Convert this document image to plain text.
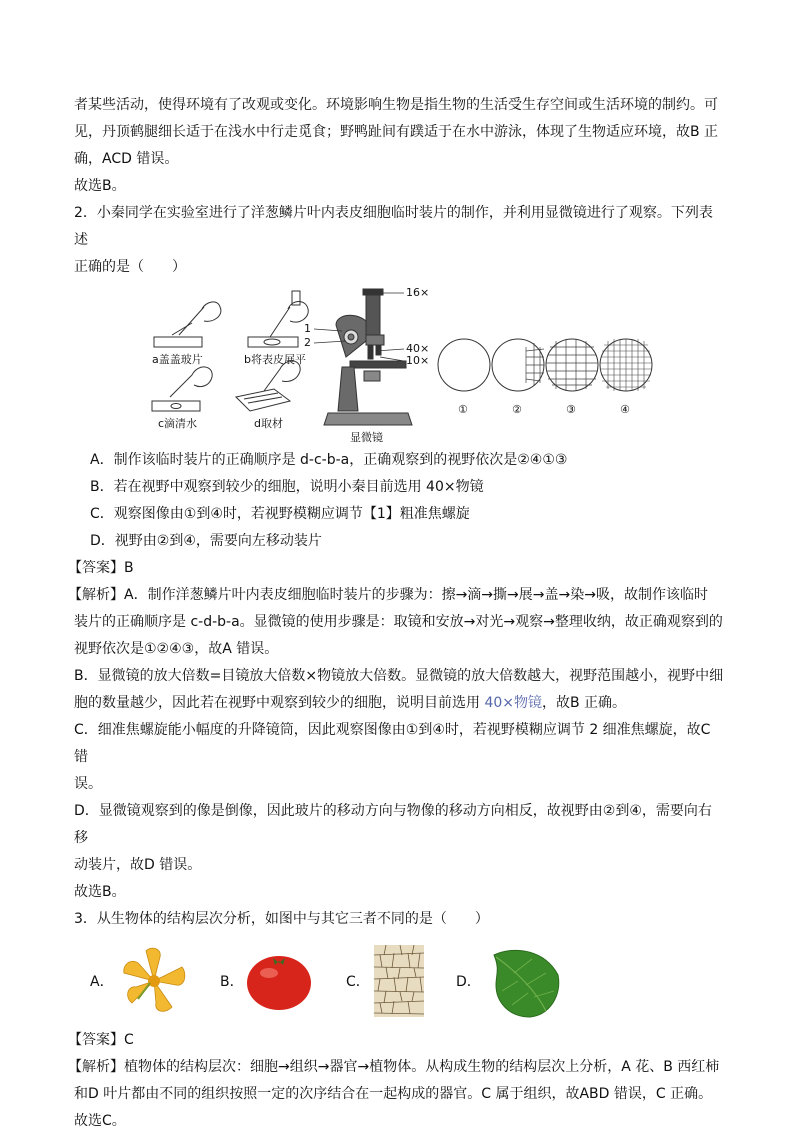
者某些活动，使得环境有了改观或变化。环境影响生物是指生物的生活受生存空间或生活环境的制约。可

见，丹顶鹤腿细长适于在浅水中行走觅食；野鸭趾间有蹼适于在水中游泳，体现了生物适应环境，故B 正

确，ACD 错误。

故选B。

2．小秦同学在实验室进行了洋葱鳞片叶内表皮细胞临时装片的制作，并利用显微镜进行了观察。下列表述

正确的是（　　）

a盖盖玻片	b将表皮展平
c滴清水	d取材
显微镜
16×
1
2	40×
10×
①	②	③	④

A．制作该临时装片的正确顺序是 d-c-b-a，正确观察到的视野依次是②④①③

B．若在视野中观察到较少的细胞，说明小秦目前选用 40×物镜

C．观察图像由①到④时，若视野模糊应调节【1】粗准焦螺旋

D．视野由②到④，需要向左移动装片

【答案】B

【解析】A．制作洋葱鳞片叶内表皮细胞临时装片的步骤为：擦→滴→撕→展→盖→染→吸，故制作该临时

装片的正确顺序是 c-d-b-a。显微镜的使用步骤是：取镜和安放→对光→观察→整理收纳，故正确观察到的

视野依次是①②④③，故A 错误。

B．显微镜的放大倍数=目镜放大倍数×物镜放大倍数。显微镜的放大倍数越大，视野范围越小，视野中细

胞的数量越少，因此若在视野中观察到较少的细胞，说明目前选用 40×物镜，故B 正确。

C．细准焦螺旋能小幅度的升降镜筒，因此观察图像由①到④时，若视野模糊应调节 2 细准焦螺旋，故C 错

误。

D．显微镜观察到的像是倒像，因此玻片的移动方向与物像的移动方向相反，故视野由②到④，需要向右移

动装片，故D 错误。

故选B。

3．从生物体的结构层次分析，如图中与其它三者不同的是（　　）

A．	B．	C．	D．

【答案】C

【解析】植物体的结构层次：细胞→组织→器官→植物体。从构成生物的结构层次上分析，A 花、B 西红柿

和D 叶片都由不同的组织按照一定的次序结合在一起构成的器官。C 属于组织，故ABD 错误，C 正确。

故选C。
